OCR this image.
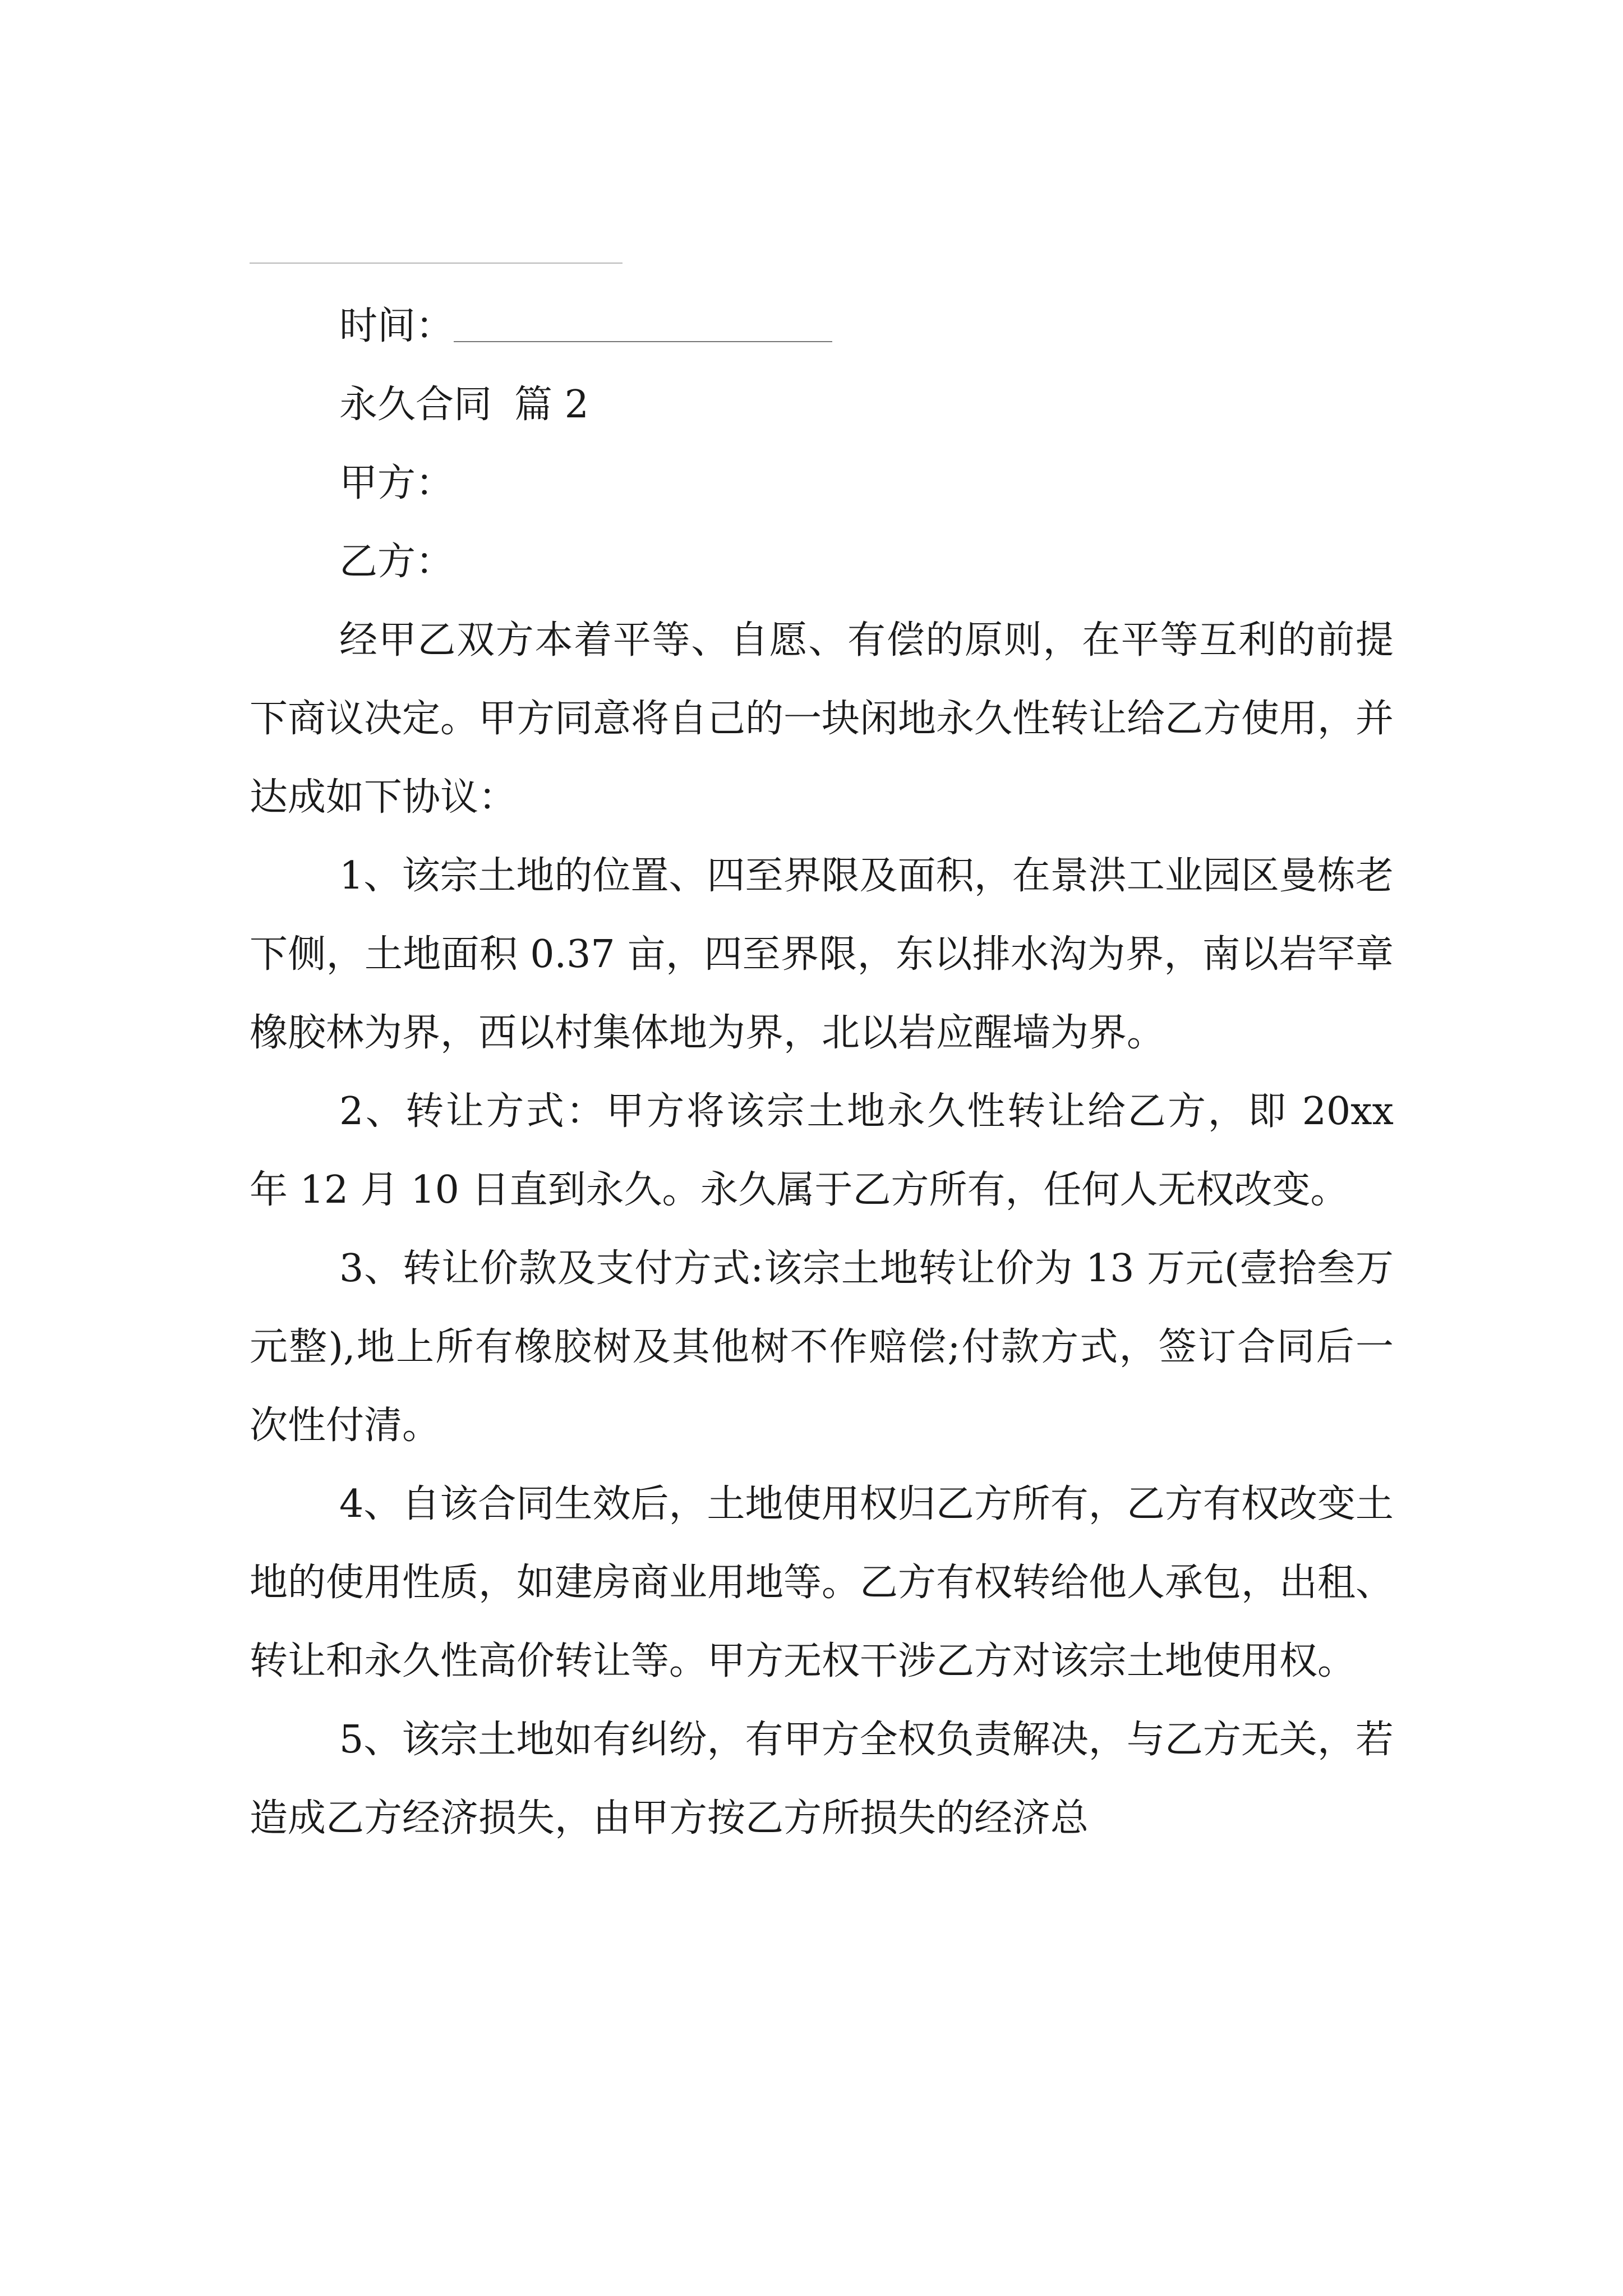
时间：

永久合同 篇 2

甲方：

乙方：

经甲乙双方本着平等、自愿、有偿的原则，在平等互利的前提下商议决定。甲方同意将自己的一块闲地永久性转让给乙方使用，并达成如下协议：

1、该宗土地的位置、四至界限及面积，在景洪工业园区曼栋老下侧，土地面积 0.37 亩，四至界限，东以排水沟为界，南以岩罕章橡胶林为界，西以村集体地为界，北以岩应醒墙为界。

2、转让方式：甲方将该宗土地永久性转让给乙方，即 20xx 年 12 月 10 日直到永久。永久属于乙方所有，任何人无权改变。

3、转让价款及支付方式:该宗土地转让价为 13 万元(壹拾叁万元整),地上所有橡胶树及其他树不作赔偿;付款方式，签订合同后一次性付清。

4、自该合同生效后，土地使用权归乙方所有，乙方有权改变土地的使用性质，如建房商业用地等。乙方有权转给他人承包，出租、转让和永久性高价转让等。甲方无权干涉乙方对该宗土地使用权。

5、该宗土地如有纠纷，有甲方全权负责解决，与乙方无关，若造成乙方经济损失，由甲方按乙方所损失的经济总
